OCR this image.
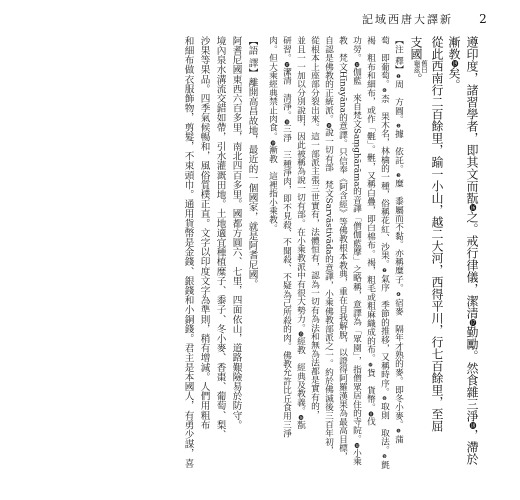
新譯大唐西域記	2
遵印度，諸習學者，即其文而翫⓰之。戒行律儀，潔清⓱勤勵。然食雜三淨⓲，滯於
漸教⓳矣。
從此西南行二百餘里，踰一小山，越二大河，西得平川，行七百餘里，至屈
支國
舊曰
龜茲
。
【注 釋】❶周　方圓。❷據　依託。❸糜　黍屬而不黏。亦稱糜子。❹宿麥　隔年才熟的麥。即冬小麥。❺蒲
萄　即葡萄。❻柰　果木名，林檎的一種，俗稱花紅、沙果。❼氣序　季節的推移，又稱時序。❽取則　取法。❾氈
褐　粗布和細布，或作「氎」。氎，又稱白疊，即白棉布。褐，粗毛或粗麻織成的布。❿貨　貨幣。⓫伐
功勞。⓬伽藍　來自梵文Saṃghārāma的音譯「僧伽藍摩」之略稱，意譯為「眾園」，指僧眾居住的寺院。⓭小乘
教　梵文Hīnayāna的意譯。只信奉《阿含經》等佛教根本教典，重在自我解脫，以證得阿羅漢果為最高目標，
自認是佛教的正統派。⓮說一切有部　梵文Sarvāstivāda的意譯，小乘佛教部派之一。約於佛滅後三百年初，
從根本上座部分裂出來。這一部派主張三世實有，法體恒有，認為一切有為法和無為法都是實有的，
並且一一加以分別說明，因此被稱為說一切有部。在小乘教派中有很大勢力。⓯經教　經典及教義。⓰翫
研習。⓱潔清　清淨。⓲三淨　三種淨肉，即不見殺、不聞殺、不疑為己所殺的肉。佛教允許比丘食用三淨
肉。但大乘經典禁止肉食。⓳漸教　這裡指小乘教。
【語 譯】離開高昌故地，最近的一個國家，就是阿耆尼國。
阿耆尼國東西六百多里，南北四百多里。國都方圓六、七里，四面依山，道路艱險易於防守。
境內泉水溝流交錯如帶，引水灌溉田地。土地適宜種植糜子、黍子、冬小麥、香棗、葡萄、梨、
沙果等果品。四季氣候暢和，風俗質樸正直。文字以印度文字為準則，稍有增減。人們用粗布
和細布做衣服飾物，剪髮，不束頭巾。通用貨幣是金錢、銀錢和小銅錢。君主是本國人，有勇少謀，喜
